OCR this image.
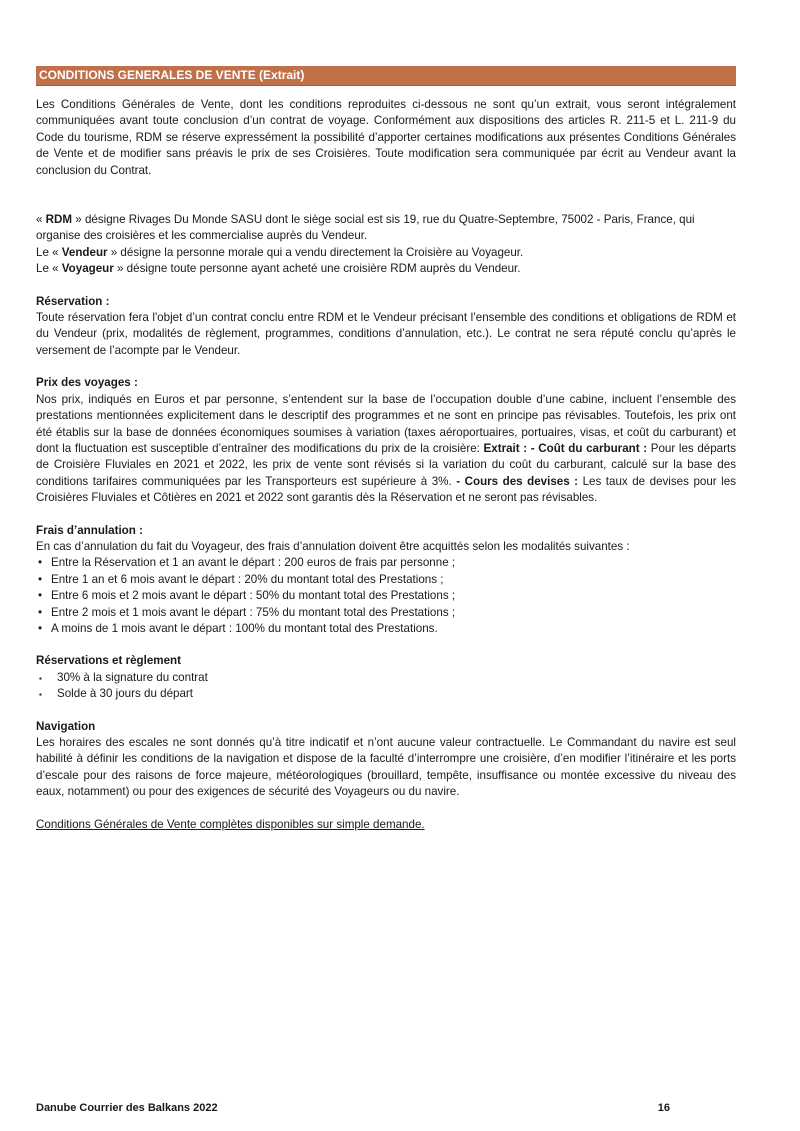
CONDITIONS GENERALES DE VENTE (Extrait)

Les Conditions Générales de Vente, dont les conditions reproduites ci-dessous ne sont qu’un extrait, vous seront intégralement communiquées avant toute conclusion d’un contrat de voyage. Conformément aux dispositions des articles R. 211-5 et L. 211-9 du Code du tourisme, RDM se réserve expressément la possibilité d’apporter certaines modifications aux présentes Conditions Générales de Vente et de modifier sans préavis le prix de ses Croisières. Toute modification sera communiquée par écrit au Vendeur avant la conclusion du Contrat.

« RDM » désigne Rivages Du Monde SASU dont le siège social est sis 19, rue du Quatre-Septembre, 75002 - Paris, France, qui organise des croisières et les commercialise auprès du Vendeur.

Le « Vendeur » désigne la personne morale qui a vendu directement la Croisière au Voyageur.

Le « Voyageur » désigne toute personne ayant acheté une croisière RDM auprès du Vendeur.

Réservation :

Toute réservation fera l'objet d’un contrat conclu entre RDM et le Vendeur précisant l’ensemble des conditions et obligations de RDM et du Vendeur (prix, modalités de règlement, programmes, conditions d’annulation, etc.). Le contrat ne sera réputé conclu qu’après le versement de l’acompte par le Vendeur.

Prix des voyages :

Nos prix, indiqués en Euros et par personne, s’entendent sur la base de l’occupation double d’une cabine, incluent l’ensemble des prestations mentionnées explicitement dans le descriptif des programmes et ne sont en principe pas révisables. Toutefois, les prix ont été établis sur la base de données économiques soumises à variation (taxes aéroportuaires, portuaires, visas, et coût du carburant) et dont la fluctuation est susceptible d’entraîner des modifications du prix de la croisière: Extrait : - Coût du carburant : Pour les départs de Croisière Fluviales en 2021 et 2022, les prix de vente sont révisés si la variation du coût du carburant, calculé sur la base des conditions tarifaires communiquées par les Transporteurs est supérieure à 3%. - Cours des devises : Les taux de devises pour les Croisières Fluviales et Côtières en 2021 et 2022 sont garantis dès la Réservation et ne seront pas révisables.

Frais d’annulation :

En cas d’annulation du fait du Voyageur, des frais d’annulation doivent être acquittés selon les modalités suivantes :

• Entre la Réservation et 1 an avant le départ : 200 euros de frais par personne ;
• Entre 1 an et 6 mois avant le départ : 20% du montant total des Prestations ;
• Entre 6 mois et 2 mois avant le départ : 50% du montant total des Prestations ;
• Entre 2 mois et 1 mois avant le départ : 75% du montant total des Prestations ;
• A moins de 1 mois avant le départ : 100% du montant total des Prestations.

Réservations et règlement

▪ 30% à la signature du contrat
▪ Solde à 30 jours du départ

Navigation

Les horaires des escales ne sont donnés qu’à titre indicatif et n’ont aucune valeur contractuelle. Le Commandant du navire est seul habilité à définir les conditions de la navigation et dispose de la faculté d’interrompre une croisière, d’en modifier l’itinéraire et les ports d’escale pour des raisons de force majeure, météorologiques (brouillard, tempête, insuffisance ou montée excessive du niveau des eaux, notamment) ou pour des exigences de sécurité des Voyageurs ou du navire.

Conditions Générales de Vente complètes disponibles sur simple demande.

Danube Courrier des Balkans 2022	16
